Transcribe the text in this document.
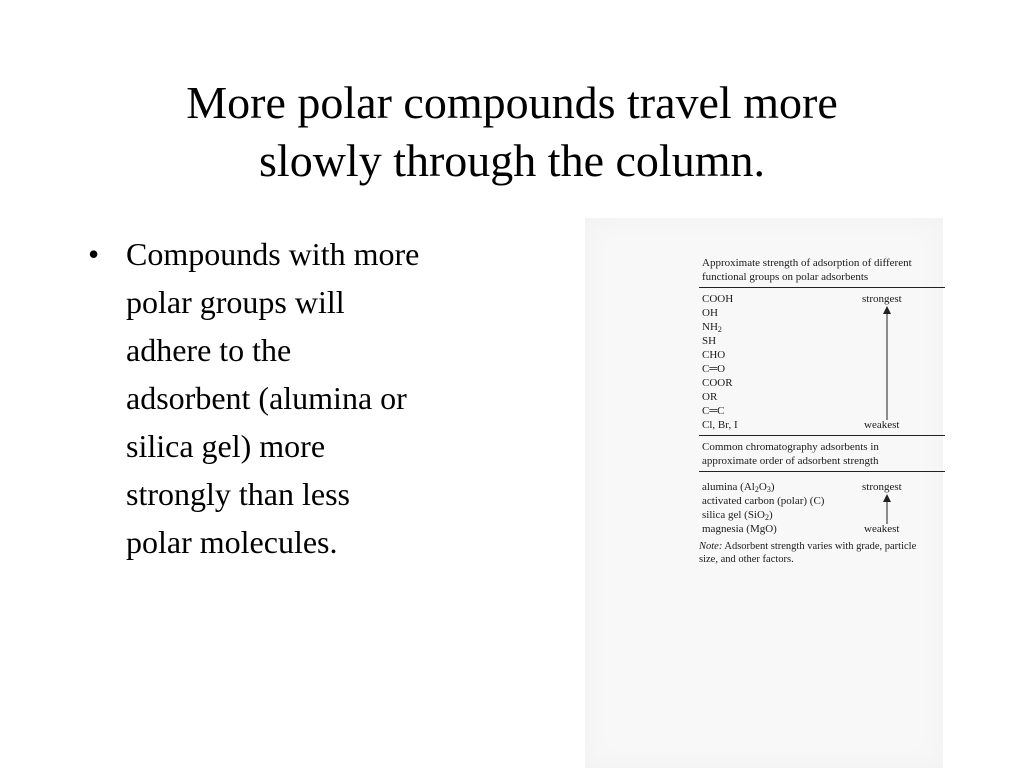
More polar compounds travel more
slowly through the column.
• Compounds with more
polar groups will
adhere to the
adsorbent (alumina or
silica gel) more
strongly than less
polar molecules.
Approximate strength of adsorption of different
functional groups on polar adsorbents
COOH
OH
$NH_2$
SH
CHO
C═O
COOR
OR
C═C
Cl, Br, I
strongest
weakest
Common chromatography adsorbents in
approximate order of adsorbent strength
alumina $(Al_2O_3)$
activated carbon (polar) (C)
silica gel (SiO$_2$)
magnesia (MgO)
strongest
weakest
Note: Adsorbent strength varies with grade, particle
size, and other factors.
